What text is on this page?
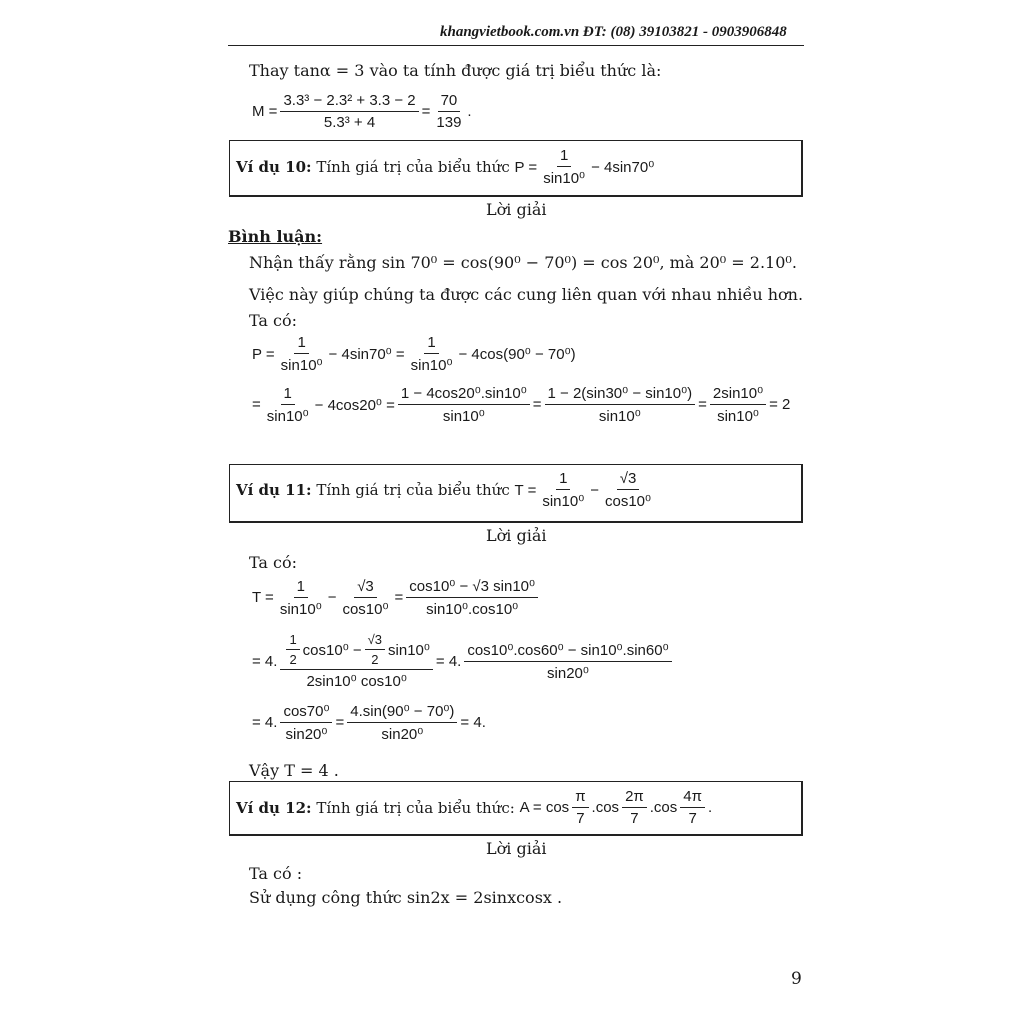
khangvietbook.com.vn ĐT: (08) 39103821 - 0903906848
Thay tanα = 3 vào ta tính được giá trị biểu thức là:
$M = \frac{\text{3.3³ − 2.3² + 3.3 − 2}}{\text{5.3³ + 4}} = \frac{70}{139}$ .
Ví dụ 10:
Tính giá trị của biểu thức
$P = \frac{1}{\text{sin10⁰}} - 4\sin 70^0$
Lời giải
Bình luận:
Nhận thấy rằng sin 70⁰ = cos(90⁰ − 70⁰) = cos 20⁰, mà 20⁰ = 2.10⁰.
Việc này giúp chúng ta được các cung liên quan với nhau nhiều hơn.
Ta có:
$P = \frac{1}{\text{sin10⁰}} - 4\sin 70^0 = \frac{1}{\text{sin10⁰}} - 4\cos(90^0 - 70^0)$
= $\frac{1}{\text{sin10⁰}} - 4\cos 20^0 = \frac{\text{1 − 4cos20⁰.sin10⁰}}{\text{sin10⁰}} = \frac{\text{1 − 2(sin30⁰ − sin10⁰)}}{\text{sin10⁰}} = \frac{\text{2sin10⁰}}{\text{sin10⁰}} = 2$
Ví dụ 11:
Tính giá trị của biểu thức
$T = \frac{1}{\text{sin10⁰}} - \frac{√3}{\text{cos10⁰}}$
Lời giải
Ta có:
$T = \frac{1}{\text{sin10⁰}} - \frac{√3}{\text{cos10⁰}} = \frac{\text{cos10⁰ − √3 sin10⁰}}{\text{sin10⁰.cos10⁰}}$
= 4. $\frac{\frac{1}{2} \cos 10^0 - \frac{√3}{2} \sin 10^0}{\text{2sin10⁰ cos10⁰}} = 4$. $\frac{\text{cos10⁰.cos60⁰ − sin10⁰.sin60⁰}}{\text{sin20⁰}}$
= 4. $\frac{\text{cos70⁰}}{\text{sin20⁰}} = \frac{\text{4.sin(90⁰ − 70⁰)}}{\text{sin20⁰}} = 4$.
Vậy T = 4 .
Ví dụ 12:
Tính giá trị của biểu thức:
$A = \cos \frac{\pi}{7} .\cos \frac{2\pi}{7} .\cos \frac{4\pi}{7}$ .
Lời giải
Ta có :
Sử dụng công thức sin2x = 2sinxcosx .
9
